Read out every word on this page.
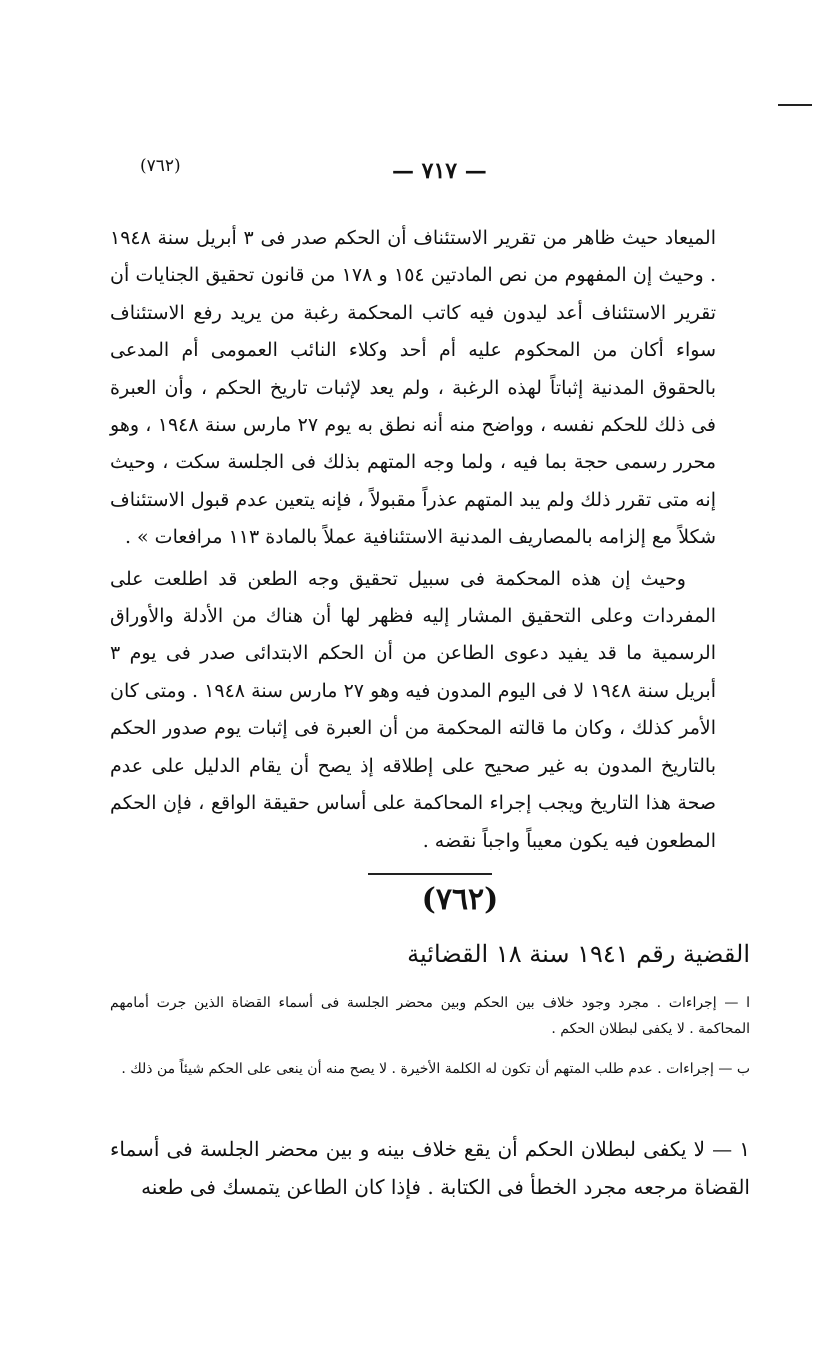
(٧٦٢)	— ٧١٧ —

الميعاد حيث ظاهر من تقرير الاستئناف أن الحكم صدر فى ٣ أبريل سنة ١٩٤٨ . وحيث إن المفهوم من نص المادتين ١٥٤ و ١٧٨ من قانون تحقيق الجنايات أن تقرير الاستئناف أعد ليدون فيه كاتب المحكمة رغبة من يريد رفع الاستئناف سواء أكان من المحكوم عليه أم أحد وكلاء النائب العمومى أم المدعى بالحقوق المدنية إثباتاً لهذه الرغبة ، ولم يعد لإثبات تاريخ الحكم ، وأن العبرة فى ذلك للحكم نفسه ، وواضح منه أنه نطق به يوم ٢٧ مارس سنة ١٩٤٨ ، وهو محرر رسمى حجة بما فيه ، ولما وجه المتهم بذلك فى الجلسة سكت ، وحيث إنه متى تقرر ذلك ولم يبد المتهم عذراً مقبولاً ، فإنه يتعين عدم قبول الاستئناف شكلاً مع إلزامه بالمصاريف المدنية الاستئنافية عملاً بالمادة ١١٣ مرافعات » .

وحيث إن هذه المحكمة فى سبيل تحقيق وجه الطعن قد اطلعت على المفردات وعلى التحقيق المشار إليه فظهر لها أن هناك من الأدلة والأوراق الرسمية ما قد يفيد دعوى الطاعن من أن الحكم الابتدائى صدر فى يوم ٣ أبريل سنة ١٩٤٨ لا فى اليوم المدون فيه وهو ٢٧ مارس سنة ١٩٤٨ . ومتى كان الأمر كذلك ، وكان ما قالته المحكمة من أن العبرة فى إثبات يوم صدور الحكم بالتاريخ المدون به غير صحيح على إطلاقه إذ يصح أن يقام الدليل على عدم صحة هذا التاريخ ويجب إجراء المحاكمة على أساس حقيقة الواقع ، فإن الحكم المطعون فيه يكون معيباً واجباً نقضه .

(٧٦٢)
القضية رقم ١٩٤١ سنة ١٨ القضائية
ا — إجراءات . مجرد وجود خلاف بين الحكم وبين محضر الجلسة فى أسماء القضاة الذين جرت أمامهم المحاكمة . لا يكفى لبطلان الحكم .
ب — إجراءات . عدم طلب المتهم أن تكون له الكلمة الأخيرة . لا يصح منه أن ينعى على الحكم شيئاً من ذلك .
١ — لا يكفى لبطلان الحكم أن يقع خلاف بينه و بين محضر الجلسة فى أسماء القضاة مرجعه مجرد الخطأ فى الكتابة . فإذا كان الطاعن يتمسك فى طعنه
